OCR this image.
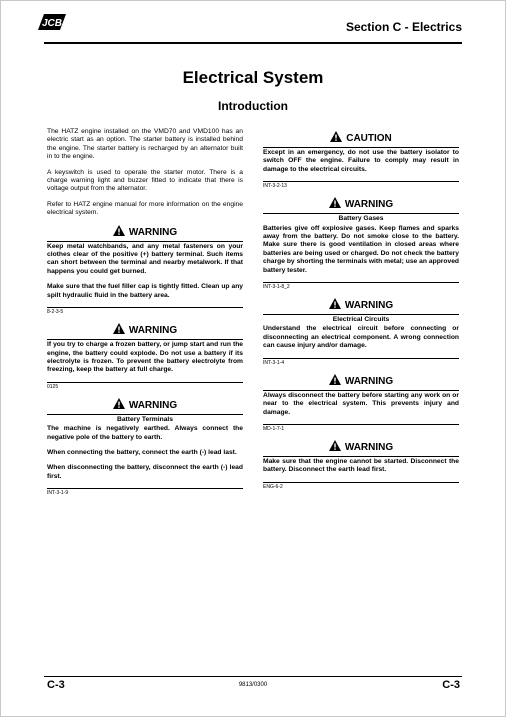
JCB	Section C - Electrics
Electrical System
Introduction

The HATZ engine installed on the VMD70 and VMD100 has an electric start as an option. The starter battery is installed behind the engine. The starter battery is recharged by an alternator built in to the engine.

A keyswitch is used to operate the starter motor. There is a charge warning light and buzzer fitted to indicate that there is voltage output from the alternator.

Refer to HATZ engine manual for more information on the engine electrical system.

WARNING

Keep metal watchbands, and any metal fasteners on your clothes clear of the positive (+) battery terminal. Such items can short between the terminal and nearby metalwork. If that happens you could get burned.

Make sure that the fuel filler cap is tightly fitted. Clean up any spilt hydraulic fluid in the battery area.

8-2-3-5
WARNING

If you try to charge a frozen battery, or jump start and run the engine, the battery could explode. Do not use a battery if its electrolyte is frozen. To prevent the battery electrolyte from freezing, keep the battery at full charge.

0125
WARNING
Battery Terminals

The machine is negatively earthed. Always connect the negative pole of the battery to earth.

When connecting the battery, connect the earth (-) lead last.

When disconnecting the battery, disconnect the earth (-) lead first.

INT-3-1-9
CAUTION

Except in an emergency, do not use the battery isolator to switch OFF the engine. Failure to comply may result in damage to the electrical circuits.

INT-3-2-13
WARNING
Battery Gases

Batteries give off explosive gases. Keep flames and sparks away from the battery. Do not smoke close to the battery. Make sure there is good ventilation in closed areas where batteries are being used or charged. Do not check the battery charge by shorting the terminals with metal; use an approved battery tester.

INT-3-1-8_2
WARNING
Electrical Circuits

Understand the electrical circuit before connecting or disconnecting an electrical component. A wrong connection can cause injury and/or damage.

INT-3-1-4
WARNING

Always disconnect the battery before starting any work on or near to the electrical system. This prevents injury and damage.

MD-1-7-1
WARNING

Make sure that the engine cannot be started. Disconnect the battery. Disconnect the earth lead first.

ENG-6-2
C-3	9813/0300	C-3
